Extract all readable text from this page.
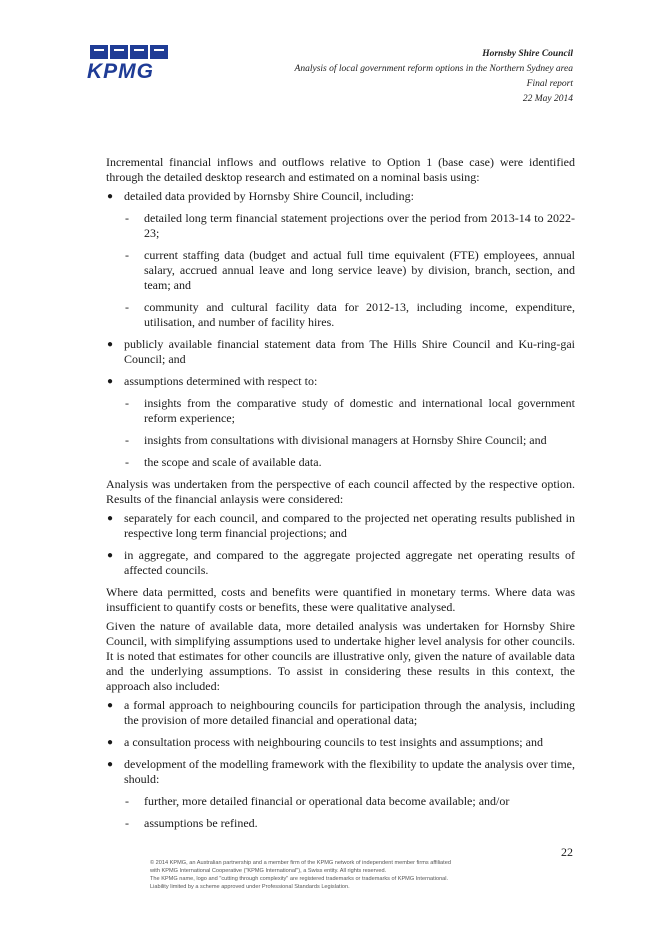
KPMG
Hornsby Shire Council
Analysis of local government reform options in the Northern Sydney area
Final report
22 May 2014

Incremental financial inflows and outflows relative to Option 1 (base case) were identified through the detailed desktop research and estimated on a nominal basis using:

● detailed data provided by Hornsby Shire Council, including:
- detailed long term financial statement projections over the period from 2013-14 to 2022-23;
- current staffing data (budget and actual full time equivalent (FTE) employees, annual salary, accrued annual leave and long service leave) by division, branch, section, and team; and
- community and cultural facility data for 2012-13, including income, expenditure, utilisation, and number of facility hires.
● publicly available financial statement data from The Hills Shire Council and Ku-ring-gai Council; and
● assumptions determined with respect to:
- insights from the comparative study of domestic and international local government reform experience;
- insights from consultations with divisional managers at Hornsby Shire Council; and
- the scope and scale of available data.

Analysis was undertaken from the perspective of each council affected by the respective option. Results of the financial anlaysis were considered:

● separately for each council, and compared to the projected net operating results published in respective long term financial projections; and
● in aggregate, and compared to the aggregate projected aggregate net operating results of affected councils.

Where data permitted, costs and benefits were quantified in monetary terms. Where data was insufficient to quantify costs or benefits, these were qualitative analysed.

Given the nature of available data, more detailed analysis was undertaken for Hornsby Shire Council, with simplifying assumptions used to undertake higher level analysis for other councils. It is noted that estimates for other councils are illustrative only, given the nature of available data and the underlying assumptions. To assist in considering these results in this context, the approach also included:

● a formal approach to neighbouring councils for participation through the analysis, including the provision of more detailed financial and operational data;
● a consultation process with neighbouring councils to test insights and assumptions; and
● development of the modelling framework with the flexibility to update the analysis over time, should:
- further, more detailed financial or operational data become available; and/or
- assumptions be refined.
22
© 2014 KPMG, an Australian partnership and a member firm of the KPMG network of independent member firms affiliated
with KPMG International Cooperative ("KPMG International"), a Swiss entity. All rights reserved.
The KPMG name, logo and "cutting through complexity" are registered trademarks or trademarks of KPMG International.
Liability limited by a scheme approved under Professional Standards Legislation.
